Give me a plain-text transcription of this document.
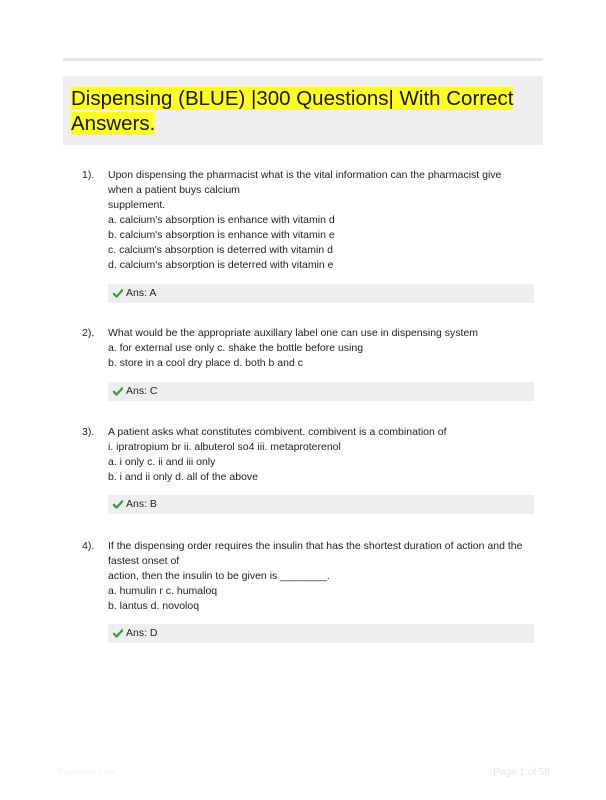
Dispensing (BLUE) |300 Questions| With Correct Answers.
1). Upon dispensing the pharmacist what is the vital information can the pharmacist give
when a patient buys calcium
supplement.
a. calcium's absorption is enhance with vitamin d
b. calcium's absorption is enhance with vitamin e
c. calcium's absorption is deterred with vitamin d
d. calcium's absorption is deterred with vitamin e
Ans: A
2). What would be the appropriate auxillary label one can use in dispensing system
a. for external use only c. shake the bottle before using
b. store in a cool dry place d. both b and c
Ans: C
3). A patient asks what constitutes combivent. combivent is a combination of
i. ipratropium br ii. albuterol so4 iii. metaproterenol
a. i only c. ii and iii only
b. i and ii only d. all of the above
Ans: B
4). If the dispensing order requires the insulin that has the shortest duration of action and the
fastest onset of
action, then the insulin to be given is ________.
a. humulin r c. humaloq
b. lantus d. novoloq
Ans: D
Paperdoc.com	Page 1 of 58
